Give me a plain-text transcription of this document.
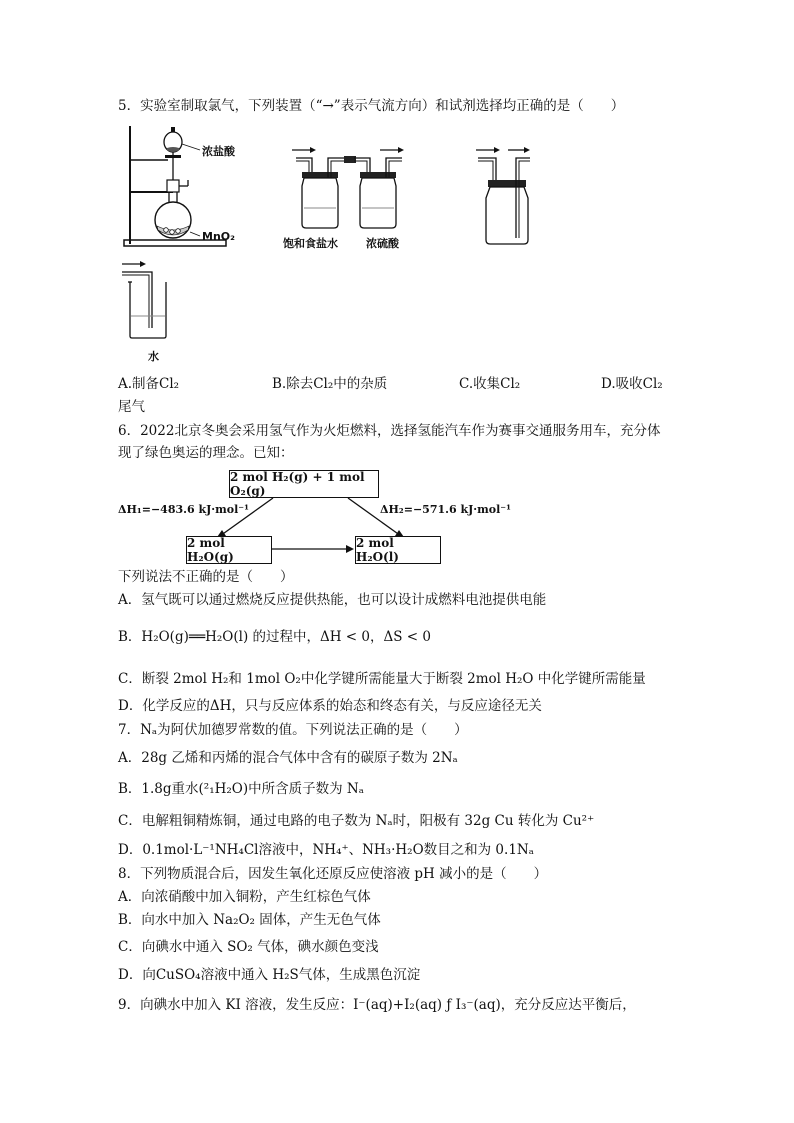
5．实验室制取氯气，下列装置（“→”表示气流方向）和试剂选择均正确的是（　　）
浓盐酸
MnO₂
饱和食盐水	浓硫酸
水
A.制备Cl₂	B.除去Cl₂中的杂质	C.收集Cl₂	D.吸收Cl₂
尾气
6．2022北京冬奥会采用氢气作为火炬燃料，选择氢能汽车作为赛事交通服务用车，充分体
现了绿色奥运的理念。已知：
2 mol H₂(g) + 1 mol O₂(g)
2 mol H₂O(g)
2 mol H₂O(l)
ΔH₁=−483.6 kJ·mol⁻¹	ΔH₂=−571.6 kJ·mol⁻¹
下列说法不正确的是（　　）
A．氢气既可以通过燃烧反应提供热能，也可以设计成燃料电池提供电能
B．H₂O(g)══H₂O(l) 的过程中，ΔH < 0，ΔS < 0
C．断裂 2mol H₂和 1mol O₂中化学键所需能量大于断裂 2mol H₂O 中化学键所需能量
D．化学反应的ΔH，只与反应体系的始态和终态有关，与反应途径无关
7．Nₐ为阿伏加德罗常数的值。下列说法正确的是（　　）
A．28g 乙烯和丙烯的混合气体中含有的碳原子数为 2Nₐ
B．1.8g重水(²₁H₂O)中所含质子数为 Nₐ
C．电解粗铜精炼铜，通过电路的电子数为 Nₐ时，阳极有 32g Cu 转化为 Cu²⁺
D．0.1mol·L⁻¹NH₄Cl溶液中，NH₄⁺、NH₃·H₂O数目之和为 0.1Nₐ
8．下列物质混合后，因发生氧化还原反应使溶液 pH 减小的是（　　）
A．向浓硝酸中加入铜粉，产生红棕色气体
B．向水中加入 Na₂O₂ 固体，产生无色气体
C．向碘水中通入 SO₂ 气体，碘水颜色变浅
D．向CuSO₄溶液中通入 H₂S气体，生成黑色沉淀
9．向碘水中加入 KI 溶液，发生反应：I⁻(aq)+I₂(aq) ƒ I₃⁻(aq)，充分反应达平衡后，
